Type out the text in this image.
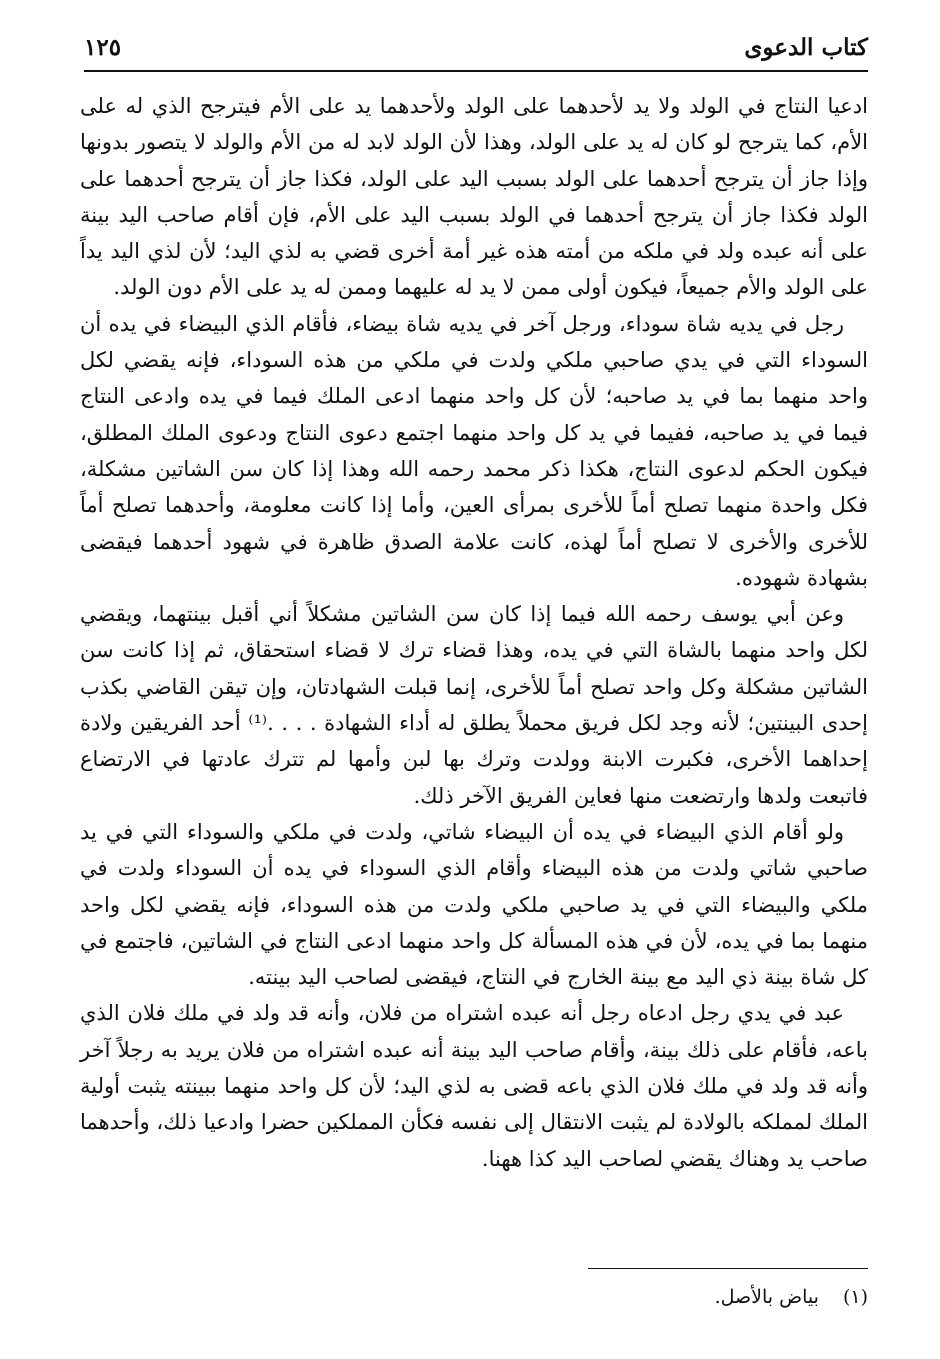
كتاب الدعوى
١٢٥

ادعيا النتاج في الولد ولا يد لأحدهما على الولد ولأحدهما يد على الأم فيترجح الذي له على الأم، كما يترجح لو كان له يد على الولد، وهذا لأن الولد لابد له من الأم والولد لا يتصور بدونها وإذا جاز أن يترجح أحدهما على الولد بسبب اليد على الولد، فكذا جاز أن يترجح أحدهما على الولد فكذا جاز أن يترجح أحدهما في الولد بسبب اليد على الأم، فإن أقام صاحب اليد بينة على أنه عبده ولد في ملكه من أمته هذه غير أمة أخرى قضي به لذي اليد؛ لأن لذي اليد يداً على الولد والأم جميعاً، فيكون أولى ممن لا يد له عليهما وممن له يد على الأم دون الولد.

رجل في يديه شاة سوداء، ورجل آخر في يديه شاة بيضاء، فأقام الذي البيضاء في يده أن السوداء التي في يدي صاحبي ملكي ولدت في ملكي من هذه السوداء، فإنه يقضي لكل واحد منهما بما في يد صاحبه؛ لأن كل واحد منهما ادعى الملك فيما في يده وادعى النتاج فيما في يد صاحبه، ففيما في يد كل واحد منهما اجتمع دعوى النتاج ودعوى الملك المطلق، فيكون الحكم لدعوى النتاج، هكذا ذكر محمد رحمه الله وهذا إذا كان سن الشاتين مشكلة، فكل واحدة منهما تصلح أماً للأخرى بمرأى العين، وأما إذا كانت معلومة، وأحدهما تصلح أماً للأخرى والأخرى لا تصلح أماً لهذه، كانت علامة الصدق ظاهرة في شهود أحدهما فيقضى بشهادة شهوده.

وعن أبي يوسف رحمه الله فيما إذا كان سن الشاتين مشكلاً أني أقبل بينتهما، ويقضي لكل واحد منهما بالشاة التي في يده، وهذا قضاء ترك لا قضاء استحقاق، ثم إذا كانت سن الشاتين مشكلة وكل واحد تصلح أماً للأخرى، إنما قبلت الشهادتان، وإن تيقن القاضي بكذب إحدى البينتين؛ لأنه وجد لكل فريق محملاً يطلق له أداء الشهادة . . . .⁽¹⁾ أحد الفريقين ولادة إحداهما الأخرى، فكبرت الابنة وولدت وترك بها لبن وأمها لم تترك عادتها في الارتضاع فاتبعت ولدها وارتضعت منها فعاين الفريق الآخر ذلك.

ولو أقام الذي البيضاء في يده أن البيضاء شاتي، ولدت في ملكي والسوداء التي في يد صاحبي شاتي ولدت من هذه البيضاء وأقام الذي السوداء في يده أن السوداء ولدت في ملكي والبيضاء التي في يد صاحبي ملكي ولدت من هذه السوداء، فإنه يقضي لكل واحد منهما بما في يده، لأن في هذه المسألة كل واحد منهما ادعى النتاج في الشاتين، فاجتمع في كل شاة بينة ذي اليد مع بينة الخارج في النتاج، فيقضى لصاحب اليد بينته.

عبد في يدي رجل ادعاه رجل أنه عبده اشتراه من فلان، وأنه قد ولد في ملك فلان الذي باعه، فأقام على ذلك بينة، وأقام صاحب اليد بينة أنه عبده اشتراه من فلان يريد به رجلاً آخر وأنه قد ولد في ملك فلان الذي باعه قضى به لذي اليد؛ لأن كل واحد منهما ببينته يثبت أولية الملك لمملكه بالولادة لم يثبت الانتقال إلى نفسه فكأن المملكين حضرا وادعيا ذلك، وأحدهما صاحب يد وهناك يقضي لصاحب اليد كذا ههنا.

(١) بياض بالأصل.
